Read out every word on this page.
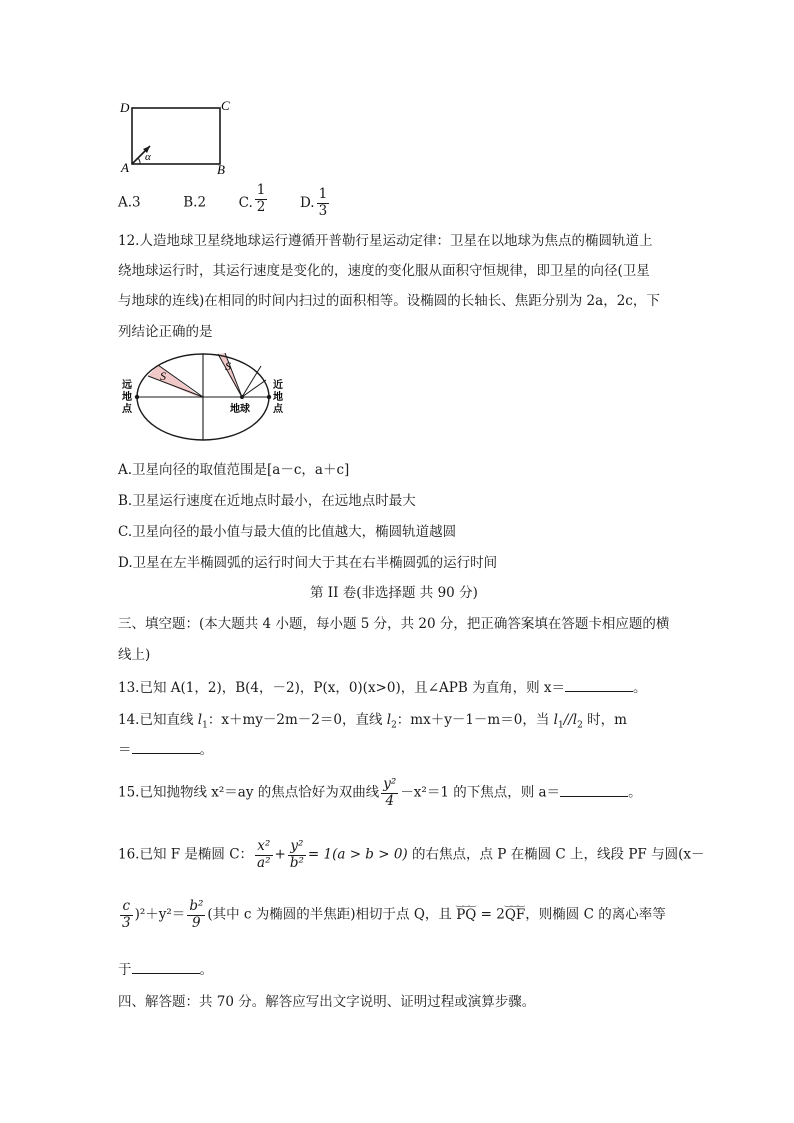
D	C
A	B
α
A.3	B.2 C. $\frac{1}{2} D$. $\frac{1}{3}$
12.人造地球卫星绕地球运行遵循开普勒行星运动定律：卫星在以地球为焦点的椭圆轨道上
绕地球运行时，其运行速度是变化的，速度的变化服从面积守恒规律，即卫星的向径(卫星
与地球的连线)在相同的时间内扫过的面积相等。设椭圆的长轴长、焦距分别为 2a，2c，下
列结论正确的是
S
S
远
地
点
近
地
点
地球
A.卫星向径的取值范围是[a－c，a＋c]
B.卫星运行速度在近地点时最小，在远地点时最大
C.卫星向径的最小值与最大值的比值越大，椭圆轨道越圆
D.卫星在左半椭圆弧的运行时间大于其在右半椭圆弧的运行时间
第 II 卷(非选择题 共 90 分)
三、填空题：(本大题共 4 小题，每小题 5 分，共 20 分，把正确答案填在答题卡相应题的横
线上)
13.已知 A(1，2)，B(4，－2)，P(x，0)(x>0)，且∠APB 为直角，则 x＝	。
14.已知直线 $l_1$：x＋my－2m－2＝0，直线 $l_2$：mx＋y－1－m＝0，当 $l_1//l_2$ 时，m
＝	。
15.已知抛物线 x²＝ay 的焦点恰好为双曲线 $\frac{\text{y²}}{4} -x^2=1$ 的下焦点，则 a＝	。
16.已知 F 是椭圆 C： $\frac{\text{x²}}{\text{a²}} + \frac{\text{y²}}{\text{b²}} = 1(a > b > 0)$ 的右焦点，点 P 在椭圆 C 上，线段 PF 与圆(x－
$\frac{c}{3} )^2+y^2= \frac{\text{b²}}{9}$ (其中 c 为椭圆的半焦距)相切于点 Q，且 ‿‿‿ PQ = 2‿‿‿ QF，则椭圆 C 的离心率等
于	。
四、解答题：共 70 分。解答应写出文字说明、证明过程或演算步骤。
